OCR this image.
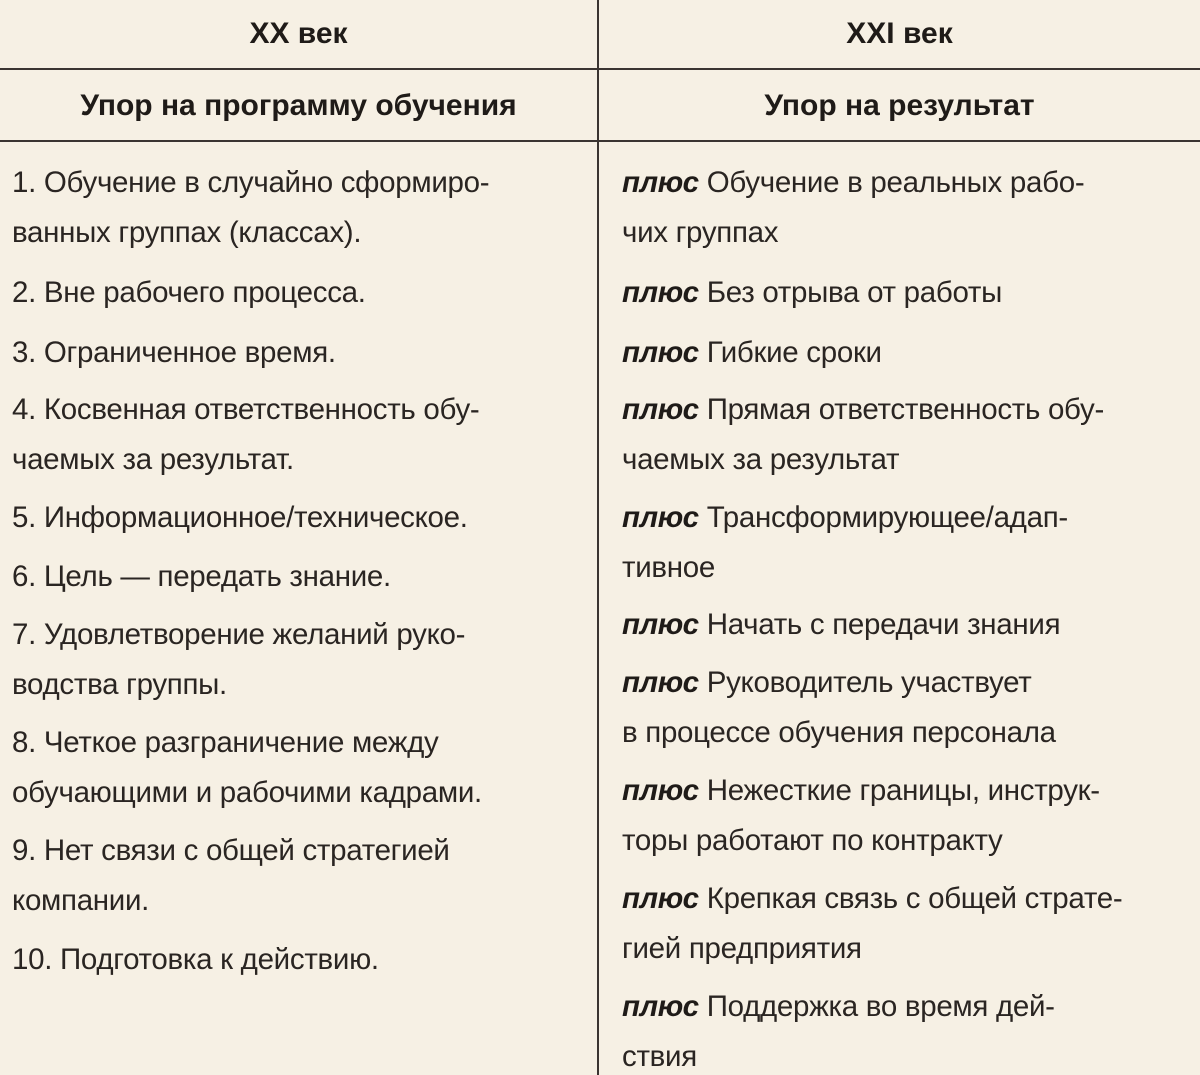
XX век	XXI век
Упор на программу обучения	Упор на результат
1. Обучение в случайно сформиро-
ванных группах (классах).
2. Вне рабочего процесса.
3. Ограниченное время.
4. Косвенная ответственность обу-
чаемых за результат.
5. Информационное/техническое.
6. Цель — передать знание.
7. Удовлетворение желаний руко-
водства группы.
8. Четкое разграничение между
обучающими и рабочими кадрами.
9. Нет связи с общей стратегией
компании.
10. Подготовка к действию.
плюс Обучение в реальных рабо-
чих группах
плюс Без отрыва от работы
плюс Гибкие сроки
плюс Прямая ответственность обу-
чаемых за результат
плюс Трансформирующее/адап-
тивное
плюс Начать с передачи знания
плюс Руководитель участвует
в процессе обучения персонала
плюс Нежесткие границы, инструк-
торы работают по контракту
плюс Крепкая связь с общей страте-
гией предприятия
плюс Поддержка во время дей-
ствия
